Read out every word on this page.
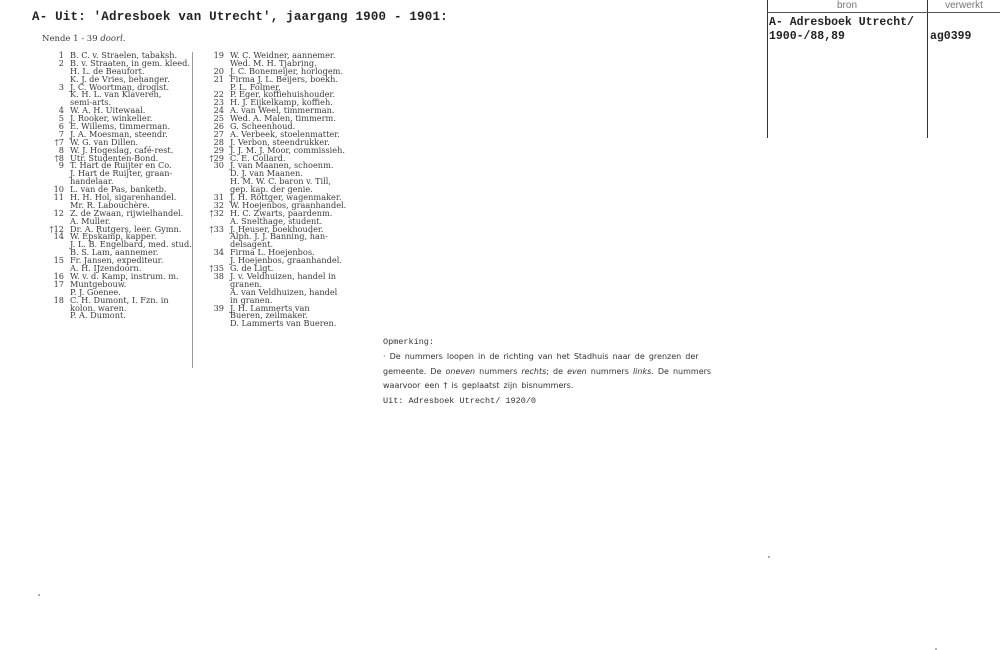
A- Uit: 'Adresboek van Utrecht', jaargang 1900 - 1901:
bron	verwerkt
A- Adresboek Utrecht/
1900-/88,89	ag0399
Nende 1 - 39 doorl.
1 B. C. v. Straelen, tabaksh.
2 B. v. Straaten, in gem. kleed.
H. L. de Beaufort.
K. J. de Vries, behanger.
3 J. C. Woortman, drogist.
K. H. L. van Klaveren,
semi-arts.
4 W. A. H. Uitewaal.
5 J. Rooker, winkelier.
6 E. Willems, timmerman.
7 J. A. Moesman, steendr.
†7 W. G. van Dillen.
8 W. J. Hogeslag, café-rest.
†8 Utr. Studenten-Bond.
9 T. Hart de Ruijter en Co.
J. Hart de Ruijter, graan-
handelaar.
10 L. van de Pas, banketb.
11 H. H. Hol, sigarenhandel.
Mr. R. Labouchère.
12 Z. de Zwaan, rijwielhandel.
A. Muller.
†12 Dr. A. Rutgers, leer. Gymn.
14 W. Epskamp, kapper.
J. L. B. Engelbard, med. stud.
B. S. Lam, aannemer.
15 Fr. Jansen, expediteur.
A. H. IJzendoorn.
16 W. v. d. Kamp, instrum. m.
17 Muntgebouw.
P. J. Goenee.
18 C. H. Dumont, I. Fzn. in
kolon. waren.
P. A. Dumont.
19 W. C. Weidner, aannemer.
Wed. M. H. Tjabring.
20 J. C. Bonemeijer, horlogem.
21 Firma J. L. Beijers, boekh.
P. L. Folmer.
22 P. Eger, koffiehuishouder.
23 H. J. Eijkelkamp, koffieh.
24 A. van Weel, timmerman.
25 Wed. A. Malen, timmerm.
26 G. Scheenhoud.
27 A. Verbeek, stoelenmatter.
28 J. Verbon, steendrukker.
29 J. J. M. J. Moor, commissieh.
†29 C. E. Collard.
30 J. van Maanen, schoenm.
D. J. van Maanen.
H. M. W. C. baron v. Till,
gep. kap. der genie.
31 J. H. Röttger, wagenmaker.
32 W. Hoejenbos, graanhandel.
†32 H. C. Zwarts, paardenm.
A. Snelthage, student.
†33 J. Heuser, boekhouder.
Alph. J. J. Banning, han-
delsagent.
34 Firma L. Hoejenbos.
J. Hoejenbos, graanhandel.
†35 G. de Ligt.
38 J. v. Veldhuizen, handel in
granen.
A. van Veldhuizen, handel
in granen.
39 J. H. Lammerts van
Bueren, zeilmaker.
D. Lammerts van Bueren.
Opmerking:

· De nummers loopen in de richting van het Stadhuis naar de grenzen der

gemeente. De oneven nummers rechts; de even nummers links. De nummers

waarvoor een † is geplaatst zijn bisnummers.

Uit: Adresboek Utrecht/ 1920/0
